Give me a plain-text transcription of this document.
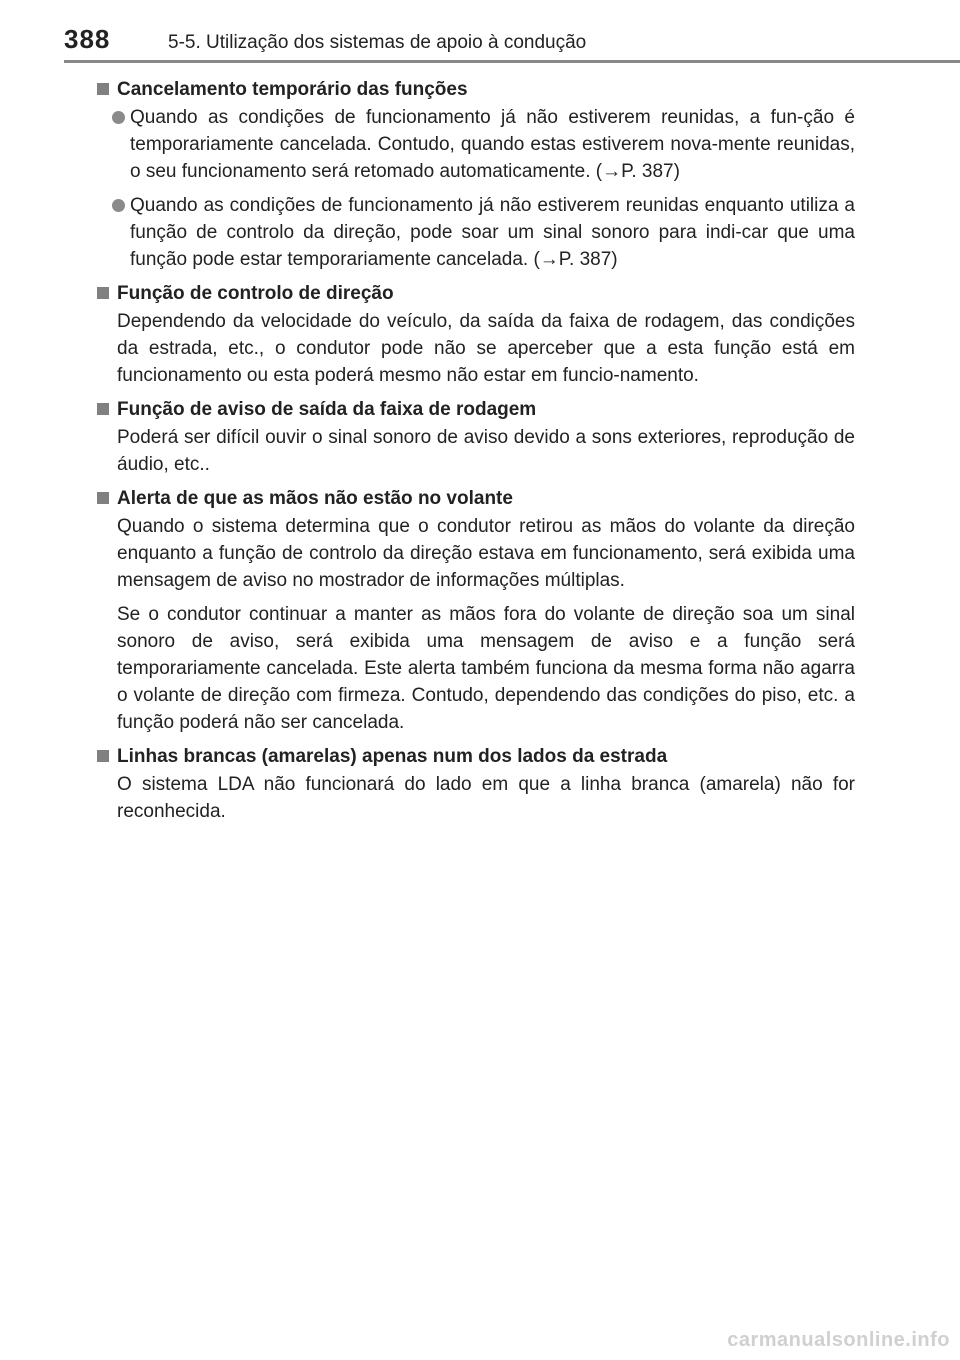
388	5-5. Utilização dos sistemas de apoio à condução
Cancelamento temporário das funções
Quando as condições de funcionamento já não estiverem reunidas, a fun-ção é temporariamente cancelada. Contudo, quando estas estiverem nova-mente reunidas, o seu funcionamento será retomado automaticamente. (→P. 387)
Quando as condições de funcionamento já não estiverem reunidas enquanto utiliza a função de controlo da direção, pode soar um sinal sonoro para indi-car que uma função pode estar temporariamente cancelada. (→P. 387)
Função de controlo de direção
Dependendo da velocidade do veículo, da saída da faixa de rodagem, das condições da estrada, etc., o condutor pode não se aperceber que a esta função está em funcionamento ou esta poderá mesmo não estar em funcio-namento.
Função de aviso de saída da faixa de rodagem
Poderá ser difícil ouvir o sinal sonoro de aviso devido a sons exteriores, reprodução de áudio, etc..
Alerta de que as mãos não estão no volante
Quando o sistema determina que o condutor retirou as mãos do volante da direção enquanto a função de controlo da direção estava em funcionamento, será exibida uma mensagem de aviso no mostrador de informações múltiplas.
Se o condutor continuar a manter as mãos fora do volante de direção soa um sinal sonoro de aviso, será exibida uma mensagem de aviso e a função será temporariamente cancelada. Este alerta também funciona da mesma forma não agarra o volante de direção com firmeza. Contudo, dependendo das condições do piso, etc. a função poderá não ser cancelada.
Linhas brancas (amarelas) apenas num dos lados da estrada
O sistema LDA não funcionará do lado em que a linha branca (amarela) não for reconhecida.
carmanualsonline.info
